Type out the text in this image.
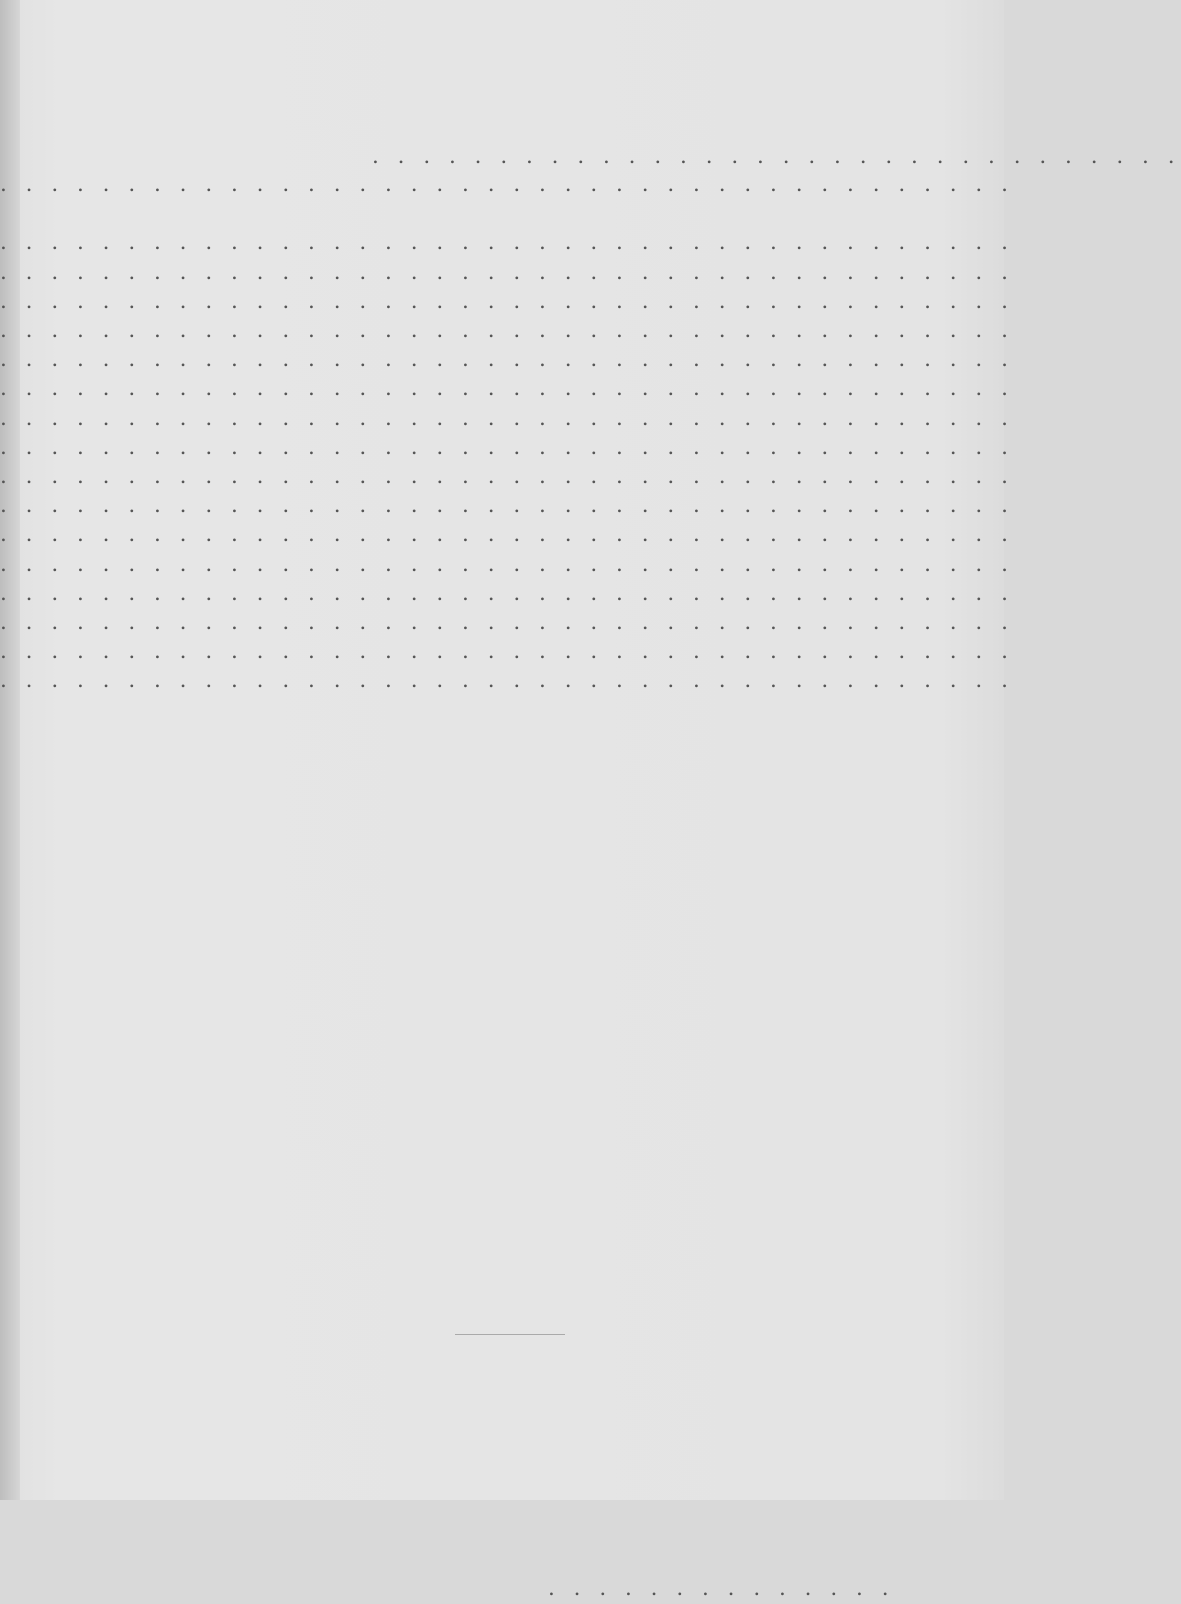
. . . . . . . . . . . . . . . . . . . . . . . . . . . . . . . .
. . . . . . . . . . . . . . . . . . . . . . . . . . . . . . . . . . . . . . . .
. . . . . . . . . . . . . . . . . . . . . . . . . . . . . . . . . . . . . . . .
. . . . . . . . . . . . . . . . . . . . . . . . . . . . . . . . . . . . . . . .
. . . . . . . . . . . . . . . . . . . . . . . . . . . . . . . . . . . . . . . .
. . . . . . . . . . . . . . . . . . . . . . . . . . . . . . . . . . . . . . . .
. . . . . . . . . . . . . . . . . . . . . . . . . . . . . . . . . . . . . . . .
. . . . . . . . . . . . . . . . . . . . . . . . . . . . . . . . . . . . . . . .
. . . . . . . . . . . . . . . . . . . . . . . . . . . . . . . . . . . . . . . .
. . . . . . . . . . . . . . . . . . . . . . . . . . . . . . . . . . . . . . . .
. . . . . . . . . . . . . . . . . . . . . . . . . . . . . . . . . . . . . . . .
. . . . . . . . . . . . . . . . . . . . . . . . . . . . . . . . . . . . . . . .
. . . . . . . . . . . . . . . . . . . . . . . . . . . . . . . . . . . . . . . .
. . . . . . . . . . . . . . . . . . . . . . . . . . . . . . . . . . . . . . . .
. . . . . . . . . . . . . . . . . . . . . . . . . . . . . . . . . . . . . . . .
. . . . . . . . . . . . . . . . . . . . . . . . . . . . . . . . . . . . . . . .
. . . . . . . . . . . . . . . . . . . . . . . . . . . . . . . . . . . . . . . .
. . . . . . . . . . . . . . . . . . . . . . . . . . . . . . . . . . . . . . . .
. . . . . . . . . . . . . .
